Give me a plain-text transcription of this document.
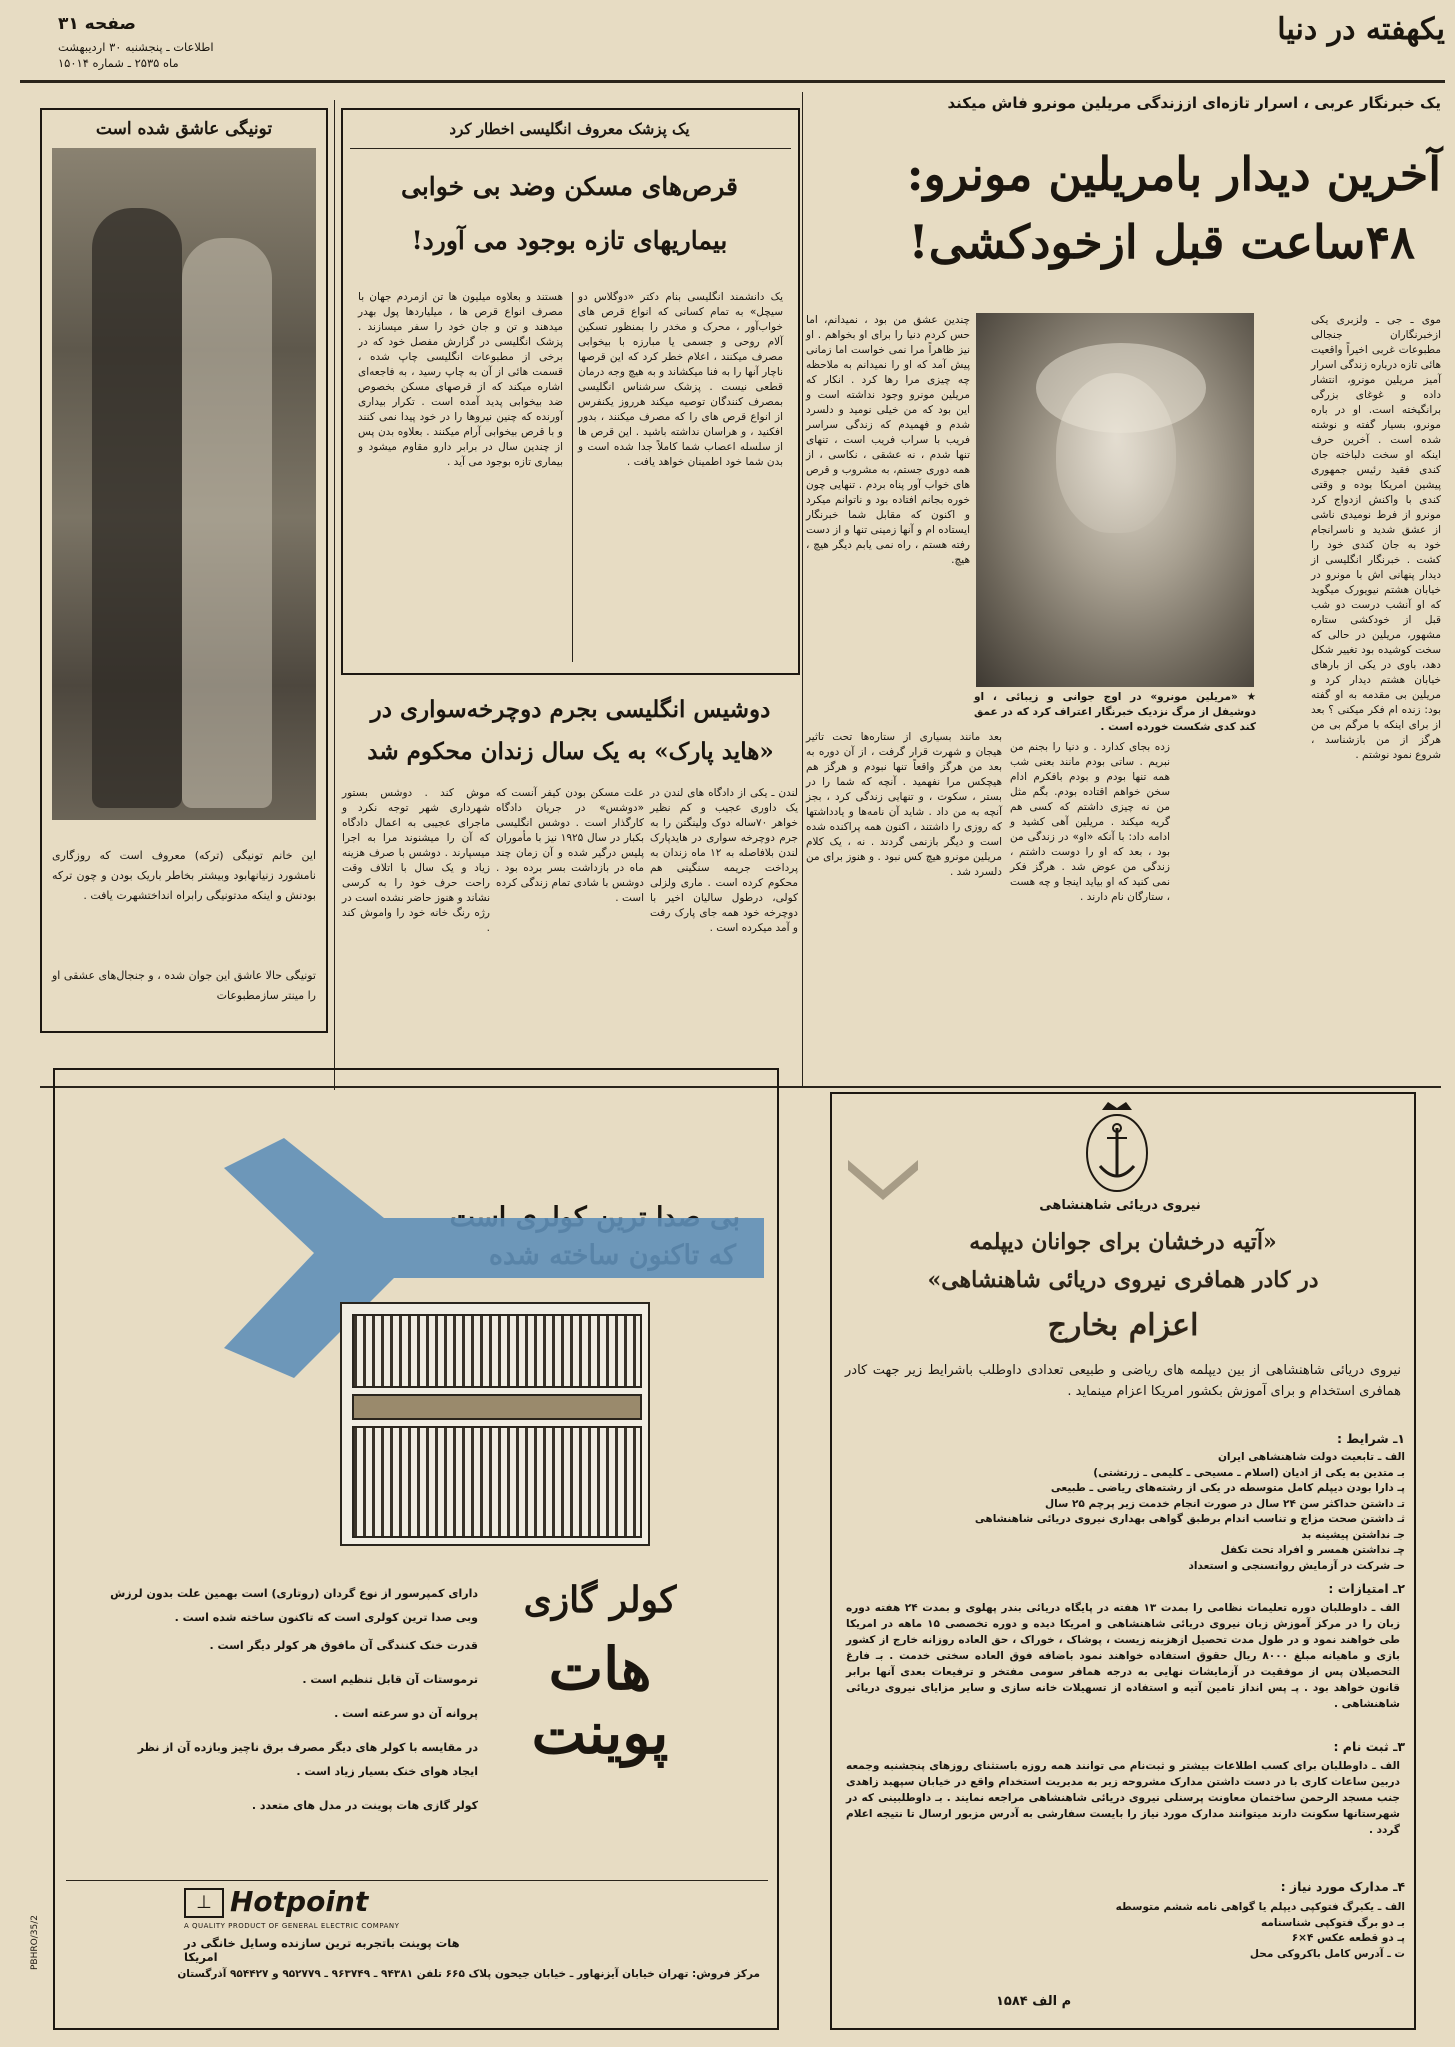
یکهفته در دنیا
صفحه ۳۱
اطلاعات ـ پنجشنبه ۳۰ اردیبهشت
ماه ۲۵۳۵ ـ شماره ۱۵۰۱۴
یک خبرنگار عربی ، اسرار تازه‌ای اززندگی مریلین مونرو فاش میکند
آخرین دیدار بامریلین مونرو:
۴۸ساعت قبل ازخودکشی!
★ «مریلین مونرو» در اوج جوانی و زیبائی ، او دوشیفل از مرگ نزدیک خبرنگار اعتراف کرد که در عمق کند کدی شکست خورده است .
موی ـ جی ـ ولزبری یکی ازخبرنگاران جنجالی مطبوعات غربی اخیراً واقعیت هائی تازه درباره زندگی اسرار آمیز مریلین مونرو، انتشار داده و غوغای بزرگی برانگیخته است. او در باره مونرو، بسیار گفته و نوشته شده است . آخرین حرف اینکه او سخت دلباخته جان کندی فقید رئیس جمهوری پیشین امریکا بوده و وقتی کندی با واکنش ازدواج کرد مونرو از فرط نومیدی ناشی از عشق شدید و ناسرانجام خود به جان کندی خود را کشت . خبرنگار انگلیسی از دیدار پنهانی اش با مونرو در خیابان هشتم نیویورک میگوید که او آنشب درست دو شب قبل از خودکشی ستاره مشهور، مریلین در حالی که سخت کوشیده بود تغییر شکل دهد، باوی در یکی از بارهای خیابان هشتم دیدار کرد و مریلین بی مقدمه به او گفته بود: زنده ام فکر میکنی ؟ بعد از برای اینکه با مرگم بی من هرگز از من بازشناسد ، شروع نمود نوشتم .
چندین عشق من بود ، نمیدانم، اما حس کردم دنیا را برای او بخواهم . او نیز ظاهراً مرا نمی خواست اما زمانی پیش آمد که او را نمیدانم به ملاحظه چه چیزی مرا رها کرد . انکار که مریلین مونرو وجود نداشته است و این بود که من خیلی نومید و دلسرد شدم و فهمیدم که زندگی سراسر فریب با سراب فریب است ، تنهای تنها شدم ، نه عشقی ، نکاسی ، از همه دوری جستم، به مشروب و قرص های خواب آور پناه بردم . تنهایی چون خوره بجانم افتاده بود و ناتوانم میکرد و اکنون که مقابل شما خبرنگار ایستاده ام و آنها زمینی تنها و از دست رفته هستم ، راه نمی یابم دیگر هیچ ، هیچ.
زده بجای کدارد . و دنیا را بجنم من نبریم . ساتی بودم مانند بعنی شب همه تنها بودم و بودم بافکرم ادام سخن خواهم اقتاده بودم. بگم مثل من نه چیزی داشتم که کسی هم گریه میکند . مریلین آهی کشید و ادامه داد: با آنکه «او» در زندگی من بود ، بعد که او را دوست داشتم ، زندگی من عوض شد . هرگز فکر نمی کنید که او بیاید اینجا و چه هست ، ستارگان نام دارند .
بعد مانند بسیاری از ستاره‌ها تحت تاثیر هیجان و شهرت قرار گرفت ، از آن دوره به بعد من هرگز واقعاً تنها نبودم و هرگز هم هیچکس مرا نفهمید . آنچه که شما را در بستر ، سکوت ، و تنهایی زندگی کرد ، بجز آنچه به من داد . شاید آن نامه‌ها و یادداشتها که روزی را داشتند ، اکنون همه پراکنده شده است و دیگر بازنمی گردند . نه ، یک کلام مریلین مونرو هیچ کس نبود . و هنوز برای من دلسرد شد .
یک پزشک معروف انگلیسی اخطار کرد
قرص‌های مسکن وضد بی خوابی
بیماریهای تازه بوجود می آورد!
یک دانشمند انگلیسی بنام دکتر «دوگلاس دو سیچل» به تمام کسانی که انواع قرص های خواب‌آور ، محرک و مخدر را بمنظور تسکین آلام روحی و جسمی یا مبارزه با بیخوابی مصرف میکنند ، اعلام خطر کرد که این قرصها ناچار آنها را به فنا میکشاند و به هیچ وجه درمان قطعی نیست . پزشک سرشناس انگلیسی بمصرف کنندگان توصیه میکند هرروز یکنفرس از انواع قرص های را که مصرف میکنند ، بدور افکنید ، و هراسان نداشته باشید . این قرص ها از سلسله اعصاب شما کاملاً جدا شده است و بدن شما خود اطمینان خواهد یافت .
هستند و بعلاوه میلیون ها تن ازمردم جهان با مصرف انواع قرص ها ، میلیاردها پول بهدر میدهند و تن و جان خود را سفر میسازند . پزشک انگلیسی در گزارش مفصل خود که در برخی از مطبوعات انگلیسی چاپ شده ، قسمت هائی از آن به چاپ رسید ، به فاجعه‌ای اشاره میکند که از قرصهای مسکن بخصوص ضد بیخوابی پدید آمده است . تکرار بیداری آورنده که چنین نیروها را در خود پیدا نمی کنند و با قرص بیخوابی آرام میکنند . بعلاوه بدن پس از چندین سال در برابر دارو مقاوم میشود و بیماری تازه بوجود می آید .
دوشیس انگلیسی بجرم دوچرخه‌سواری در
«هاید پارک» به یک سال زندان محکوم شد
لندن ـ یکی از دادگاه های لندن در یک داوری عجیب و کم نظیر خواهر ۷۰ساله دوک ولینگتن را به جرم دوچرخه سواری در هایدپارک لندن بلافاصله به ۱۲ ماه زندان به پرداخت جریمه سنگینی هم محکوم کرده است . ماری ولزلی کولی، درطول سالیان اخیر با دوچرخه خود همه جای پارک رفت و آمد میکرده است .
علت مسکن بودن کیفر آنست که «دوشس» در جریان دادگاه کارگذار است . دوشس انگلیسی بکبار در سال ۱۹۲۵ نیز با مأموران پلیس درگیر شده و آن زمان چند ماه در بازداشت بسر برده بود . دوشس با شادی تمام زندگی کرده است .
موش کند . دوشس بستور شهرداری شهر توجه نکرد و ماجرای عجیبی به اعمال دادگاه که آن را میشنوند مرا به اجرا میسپارند . دوشس با صرف هزینه زیاد و یک سال با اتلاف وقت راحت حرف خود را به کرسی نشاند و هنوز حاضر نشده است در رژه رنگ خانه خود را واموش کند .
تونیگی عاشق شده است
این خانم تونیگی (ترکه) معروف است که روزگاری نامشورد زنیانهابود وبیشتر بخاطر باریک بودن و چون ترکه بودنش و اینکه مدتونیگی رابراه انداختشهرت یافت .
تونیگی حالا عاشق این جوان شده ، و جنجال‌های عشقی او را مینتر سازمطبوعات
بی صدا ترین کولری است
دارای کمپرسور از نوع گردان (روتاری) است بهمین علت بدون لرزش
وبی صدا ترین کولری است که تاکنون ساخته شده است .
قدرت خنک کنندگی آن مافوق هر کولر دیگر است .
ترموستات آن قابل تنظیم است .
پروانه آن دو سرعته است .
در مقایسه با کولر های دیگر مصرف برق ناچیز وبازده آن از نظر
ایجاد هوای خنک بسیار زیاد است .
کولر گازی هات پوینت در مدل های متعدد .
کولر گازی
هات
پوینت
⊥ Hotpoint
A QUALITY PRODUCT OF GENERAL ELECTRIC COMPANY
هات پوینت باتجربه ترین سازنده وسایل خانگی در امریکا
مرکز فروش: تهران خیابان آیزنهاور ـ خیابان جیحون پلاک ۶۶۵ تلفن ۹۴۳۸۱ ـ ۹۶۳۷۴۹ ـ ۹۵۲۷۷۹ و ۹۵۴۴۲۷ آذرگستان
PBHRO/35/2
نیروی دریائی شاهنشاهی
«آتیه درخشان برای جوانان دیپلمه
در کادر همافری نیروی دریائی شاهنشاهی»
اعزام بخارج
نیروی دریائی شاهنشاهی از بین دیپلمه های ریاضی و طبیعی تعدادی داوطلب باشرایط زیر جهت کادر همافری استخدام و برای آموزش بکشور امریکا اعزام مینماید .
۱ـ شرایط :
الف ـ تابعیت دولت شاهنشاهی ایران
بـ متدین به یکی از ادیان (اسلام ـ مسیحی ـ کلیمی ـ زرتشتی)
پـ دارا بودن دیپلم کامل متوسطه در یکی از رشته‌های ریاضی ـ طبیعی
تـ داشتن حداکثر سن ۲۴ سال در صورت انجام خدمت زیر پرچم ۲۵ سال
ثـ داشتن صحت مزاج و تناسب اندام برطبق گواهی بهداری نیروی دریائی شاهنشاهی
جـ نداشتن پیشینه بد
چـ نداشتن همسر و افراد تحت تکفل
حـ شرکت در آزمایش روانسنجی و استعداد
۲ـ امتیازات :
الف ـ داوطلبان دوره تعلیمات نظامی را بمدت ۱۳ هفته در پایگاه دریائی بندر پهلوی و بمدت ۲۴ هفته دوره زبان را در مرکز آموزش زبان نیروی دریائی شاهنشاهی و امریکا دیده و دوره تخصصی ۱۵ ماهه در امریکا طی خواهند نمود و در طول مدت تحصیل ازهزینه زیست ، پوشاک ، خوراک ، حق العاده روزانه خارج از کشور بازی و ماهیانه مبلغ ۸۰۰۰ ریال حقوق استفاده خواهند نمود باضافه فوق العاده سختی خدمت . بـ فارغ التحصیلان پس از موفقیت در آزمایشات نهایی به درجه همافر سومی مفتخر و ترفیعات بعدی آنها برابر قانون خواهد بود . پـ پس انداز تامین آتیه و استفاده از تسهیلات خانه سازی و سایر مزایای نیروی دریائی شاهنشاهی .
۳ـ ثبت نام :
الف ـ داوطلبان برای کسب اطلاعات بیشتر و ثبت‌نام می توانند همه روزه باستثنای روزهای پنجشنبه وجمعه دربین ساعات کاری با در دست داشتن مدارک مشروحه زیر به مدیریت استخدام واقع در خیابان سپهبد زاهدی جنب مسجد الرحمن ساختمان معاونت پرسنلی نیروی دریائی شاهنشاهی مراجعه نمایند . بـ داوطلبینی که در شهرستانها سکونت دارند میتوانند مدارک مورد نیاز را بایست سفارشی به آدرس مزبور ارسال تا نتیجه اعلام گردد .
۴ـ مدارک مورد نیاز :
الف ـ یکبرگ فتوکپی دیپلم یا گواهی نامه ششم متوسطه
بـ دو برگ فتوکپی شناسنامه
پـ دو قطعه عکس ۴×۶
ت ـ آدرس کامل باکروکی محل
م الف ۱۵۸۴
